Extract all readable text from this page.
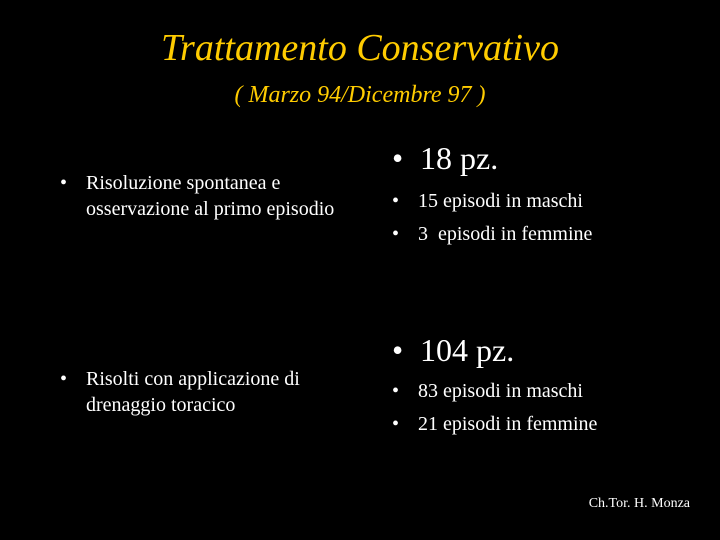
Trattamento Conservativo
( Marzo 94/Dicembre 97 )
• Risoluzione spontanea e osservazione al primo episodio
• Risolti con applicazione di drenaggio toracico
• 18 pz.
• 15 episodi in maschi
• 3  episodi in femmine
• 104 pz.
• 83 episodi in maschi
• 21 episodi in femmine
Ch.Tor. H. Monza
